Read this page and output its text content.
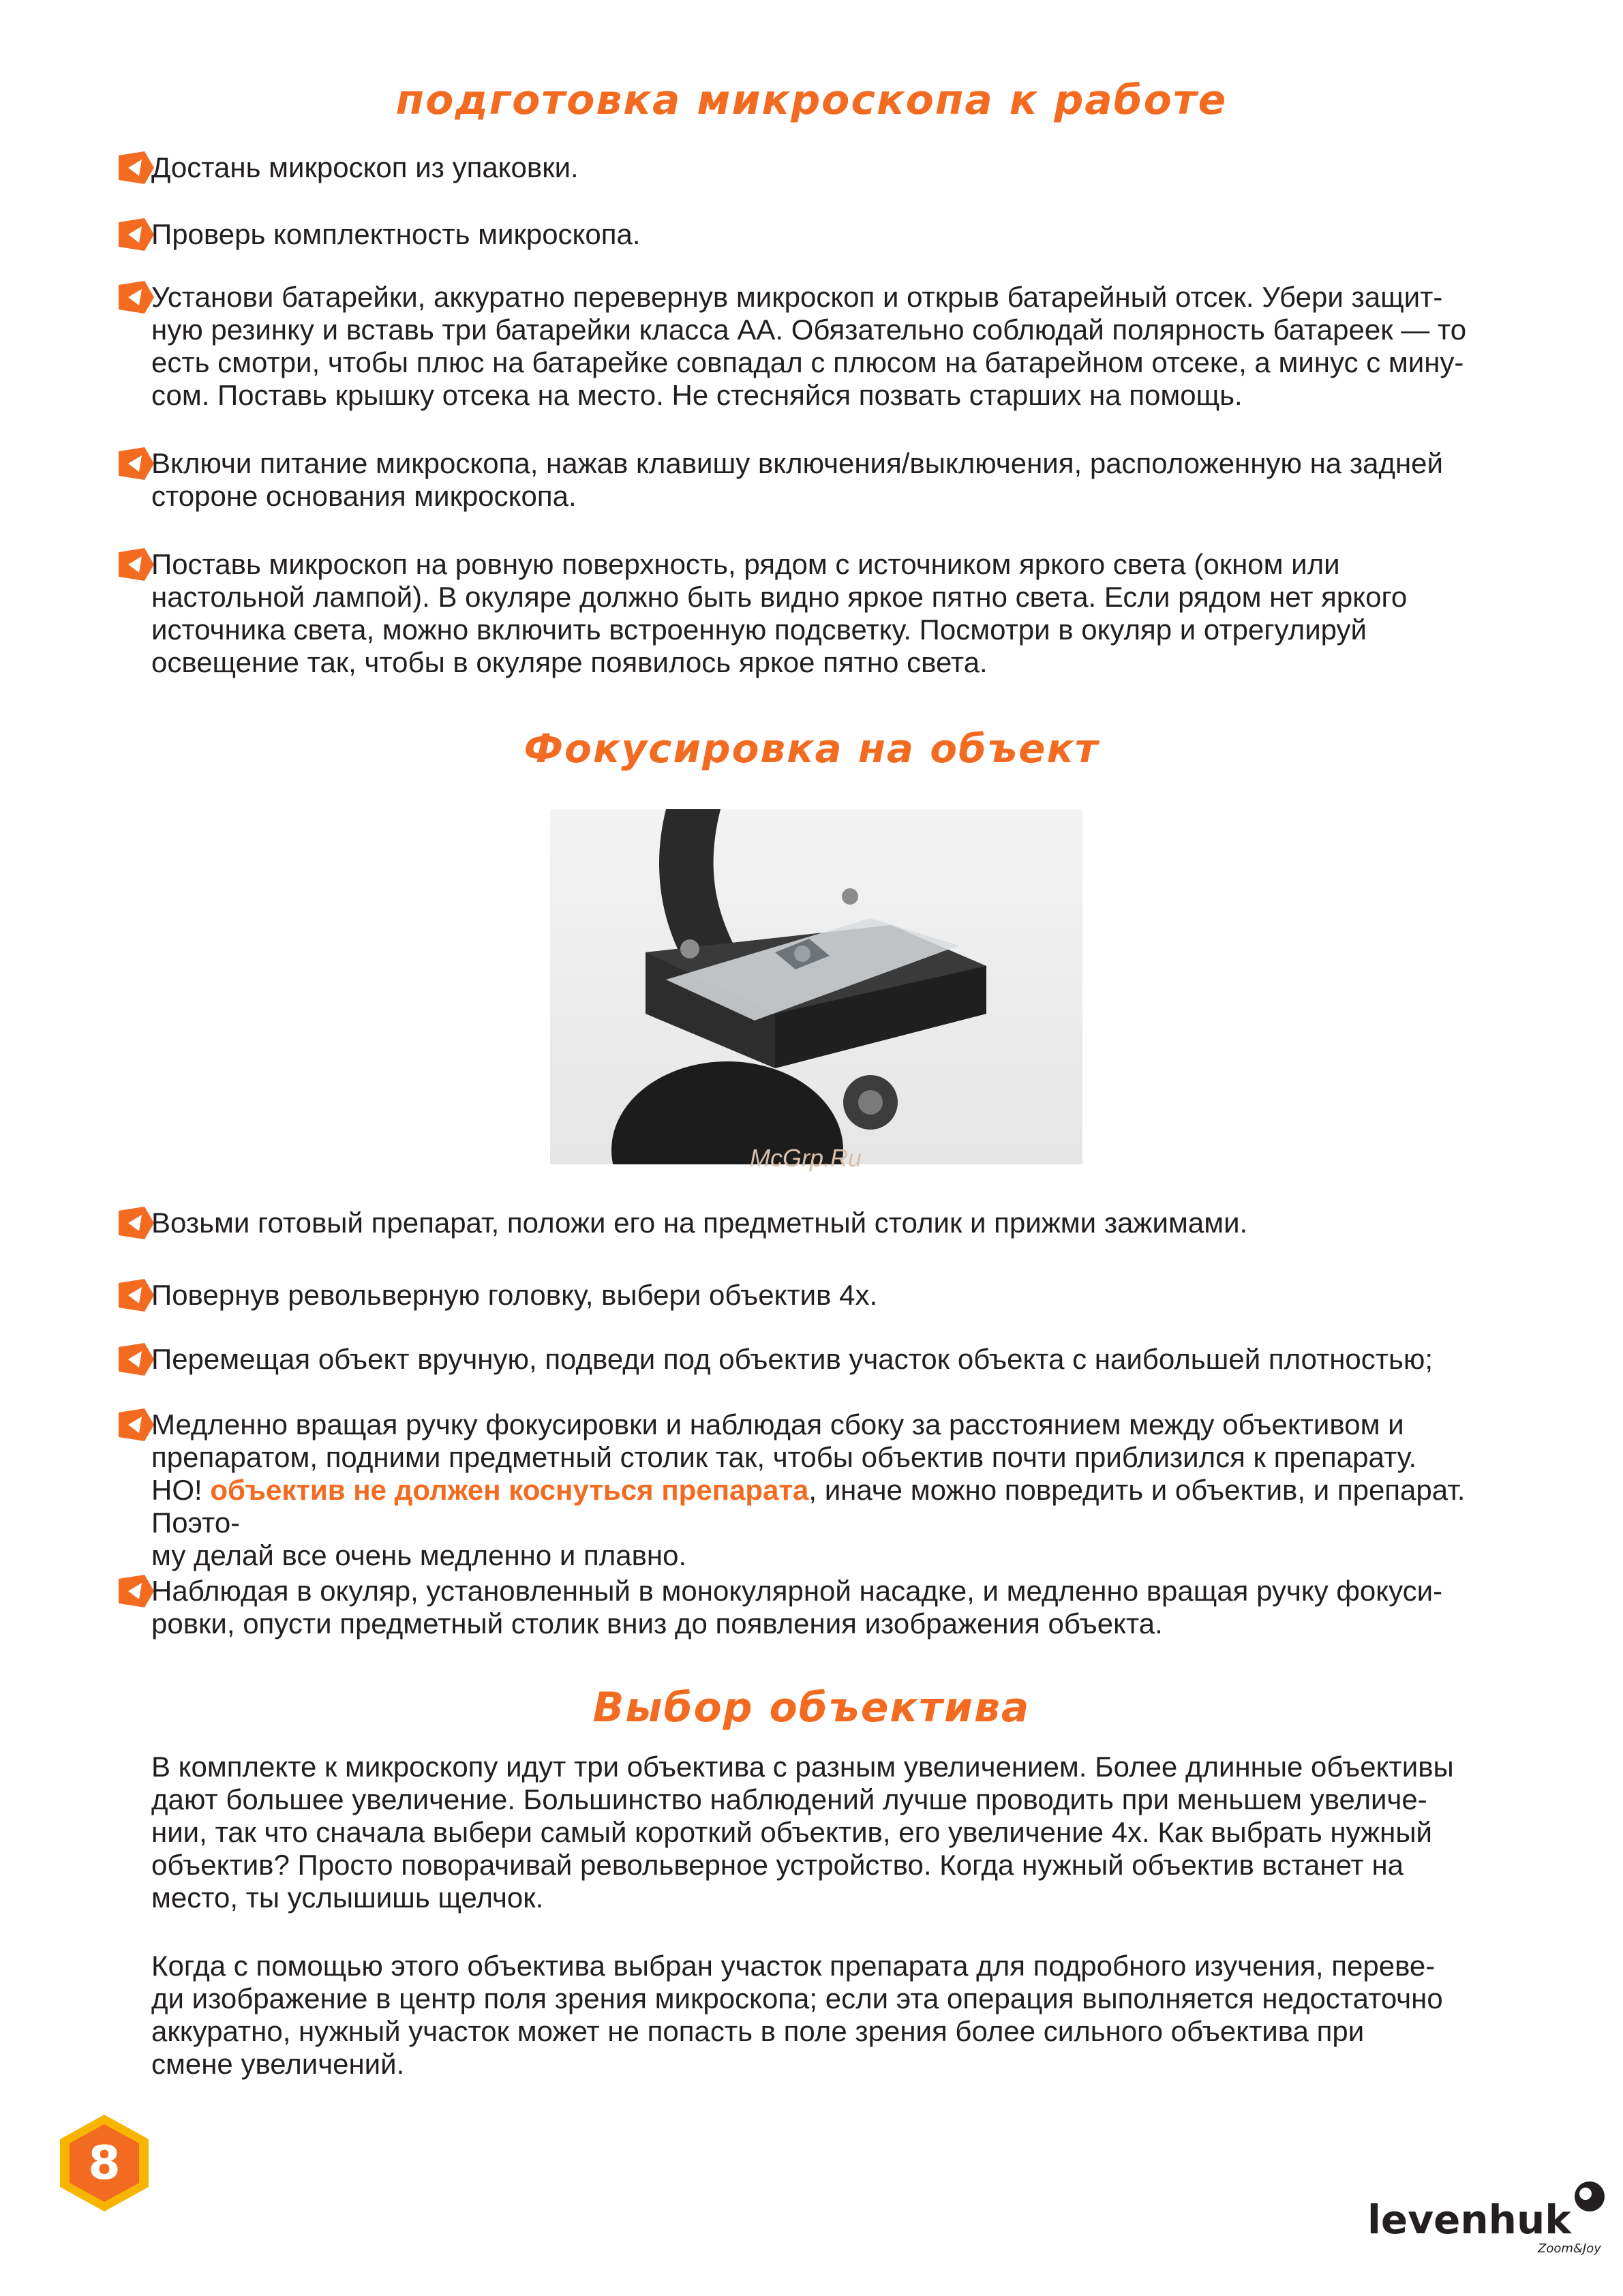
подготовка микроскопа к работе
Достань микроскоп из упаковки.
Проверь комплектность микроскопа.
Установи батарейки, аккуратно перевернув микроскоп и открыв батарейный отсек. Убери защит-
ную резинку и вставь три батарейки класса АА. Обязательно соблюдай полярность батареек — то
есть смотри, чтобы плюс на батарейке совпадал с плюсом на батарейном отсеке, а минус с мину-
сом. Поставь крышку отсека на место. Не стесняйся позвать старших на помощь.
Включи питание микроскопа, нажав клавишу включения/выключения, расположенную на задней
стороне основания микроскопа.
Поставь микроскоп на ровную поверхность, рядом с источником яркого света (окном или
настольной лампой). В окуляре должно быть видно яркое пятно света. Если рядом нет яркого
источника света, можно включить встроенную подсветку. Посмотри в окуляр и отрегулируй
освещение так, чтобы в окуляре появилось яркое пятно света.
Фокусировка на объект
McGrp.Ru
Возьми готовый препарат, положи его на предметный столик и прижми зажимами.
Повернув револьверную головку, выбери объектив 4х.
Перемещая объект вручную, подведи под объектив участок объекта с наибольшей плотностью;
Медленно вращая ручку фокусировки и наблюдая сбоку за расстоянием между объективом и
препаратом, подними предметный столик так, чтобы объектив почти приблизился к препарату.
НО! объектив не должен коснуться препарата, иначе можно повредить и объектив, и препарат. Поэто-
му делай все очень медленно и плавно.
Наблюдая в окуляр, установленный в монокулярной насадке, и медленно вращая ручку фокуси-
ровки, опусти предметный столик вниз до появления изображения объекта.
Выбор объектива
В комплекте к микроскопу идут три объектива с разным увеличением. Более длинные объективы
дают большее увеличение. Большинство наблюдений лучше проводить при меньшем увеличе-
нии, так что сначала выбери самый короткий объектив, его увеличение 4х. Как выбрать нужный
объектив? Просто поворачивай револьверное устройство. Когда нужный объектив встанет на
место, ты услышишь щелчок.
Когда с помощью этого объектива выбран участок препарата для подробного изучения, переве-
ди изображение в центр поля зрения микроскопа; если эта операция выполняется недостаточно
аккуратно, нужный участок может не попасть в поле зрения более сильного объектива при
смене увеличений.
8
levenhuk
Zoom&Joy
